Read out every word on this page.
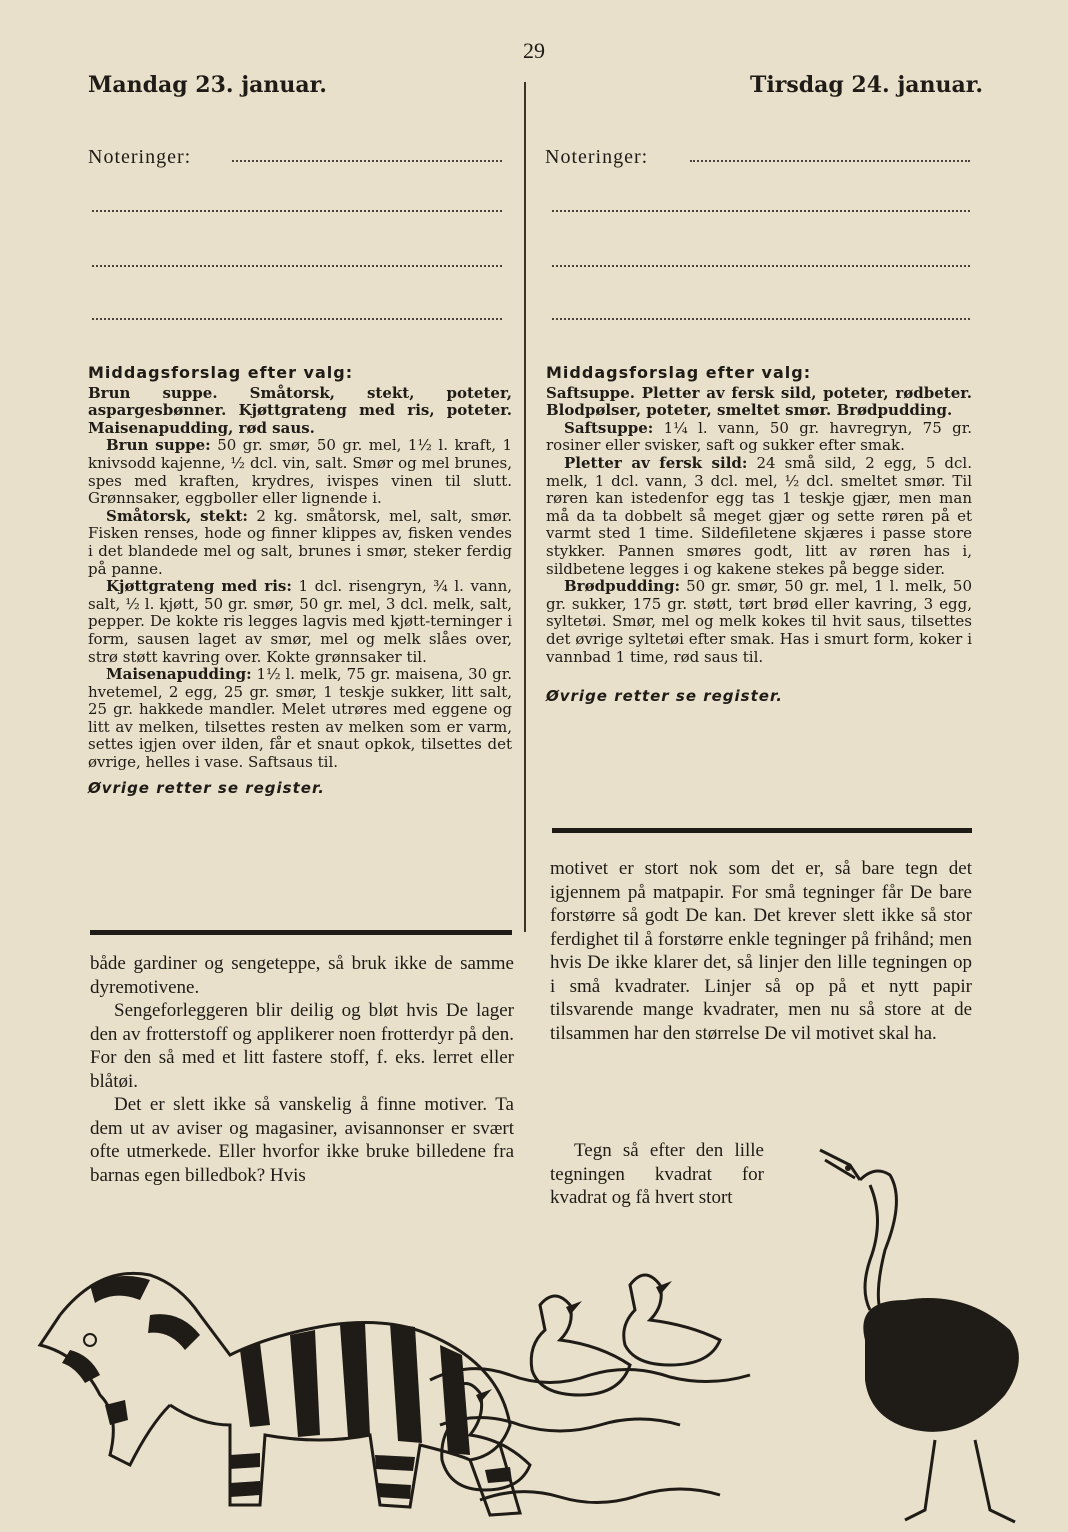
29
Mandag 23. januar.	Tirsdag 24. januar.
Noteringer:	Noteringer:

Middagsforslag efter valg:

Brun suppe. Småtorsk, stekt, poteter, aspargesbønner. Kjøttgrateng med ris, poteter. Maisenapudding, rød saus.

Brun suppe: 50 gr. smør, 50 gr. mel, 1½ l. kraft, 1 knivsodd kajenne, ½ dcl. vin, salt. Smør og mel brunes, spes med kraften, krydres, ivispes vinen til slutt. Grønnsaker, eggboller eller lignende i.

Småtorsk, stekt: 2 kg. småtorsk, mel, salt, smør. Fisken renses, hode og finner klippes av, fisken vendes i det blandede mel og salt, brunes i smør, steker ferdig på panne.

Kjøttgrateng med ris: 1 dcl. risengryn, ¾ l. vann, salt, ½ l. kjøtt, 50 gr. smør, 50 gr. mel, 3 dcl. melk, salt, pepper. De kokte ris legges lagvis med kjøtt-terninger i form, sausen laget av smør, mel og melk slåes over, strø støtt kavring over. Kokte grønnsaker til.

Maisenapudding: 1½ l. melk, 75 gr. maisena, 30 gr. hvetemel, 2 egg, 25 gr. smør, 1 teskje sukker, litt salt, 25 gr. hakkede mandler. Melet utrøres med eggene og litt av melken, tilsettes resten av melken som er varm, settes igjen over ilden, får et snaut opkok, tilsettes det øvrige, helles i vase. Saftsaus til.

Øvrige retter se register.

Middagsforslag efter valg:

Saftsuppe. Pletter av fersk sild, poteter, rødbeter. Blodpølser, poteter, smeltet smør. Brødpudding.

Saftsuppe: 1¼ l. vann, 50 gr. havregryn, 75 gr. rosiner eller svisker, saft og sukker efter smak.

Pletter av fersk sild: 24 små sild, 2 egg, 5 dcl. melk, 1 dcl. vann, 3 dcl. mel, ½ dcl. smeltet smør. Til røren kan istedenfor egg tas 1 teskje gjær, men man må da ta dobbelt så meget gjær og sette røren på et varmt sted 1 time. Sildefiletene skjæres i passe store stykker. Pannen smøres godt, litt av røren has i, sildbetene legges i og kakene stekes på begge sider.

Brødpudding: 50 gr. smør, 50 gr. mel, 1 l. melk, 50 gr. sukker, 175 gr. støtt, tørt brød eller kavring, 3 egg, syltetøi. Smør, mel og melk kokes til hvit saus, tilsettes det øvrige syltetøi efter smak. Has i smurt form, koker i vannbad 1 time, rød saus til.

Øvrige retter se register.

både gardiner og sengeteppe, så bruk ikke de samme dyremotivene.

Sengeforleggeren blir deilig og bløt hvis De lager den av frotterstoff og applikerer noen frotterdyr på den. For den så med et litt fastere stoff, f. eks. lerret eller blåtøi.

Det er slett ikke så vanskelig å finne motiver. Ta dem ut av aviser og magasiner, avisannonser er svært ofte utmerkede. Eller hvorfor ikke bruke billedene fra barnas egen billedbok? Hvis

motivet er stort nok som det er, så bare tegn det igjennem på matpapir. For små tegninger får De bare forstørre så godt De kan. Det krever slett ikke så stor ferdighet til å forstørre enkle tegninger på frihånd; men hvis De ikke klarer det, så linjer den lille tegningen op i små kvadrater. Linjer så op på et nytt papir tilsvarende mange kvadrater, men nu så store at de tilsammen har den størrelse De vil motivet skal ha.

Tegn så efter den lille tegningen kvadrat for kvadrat og få hvert stort
